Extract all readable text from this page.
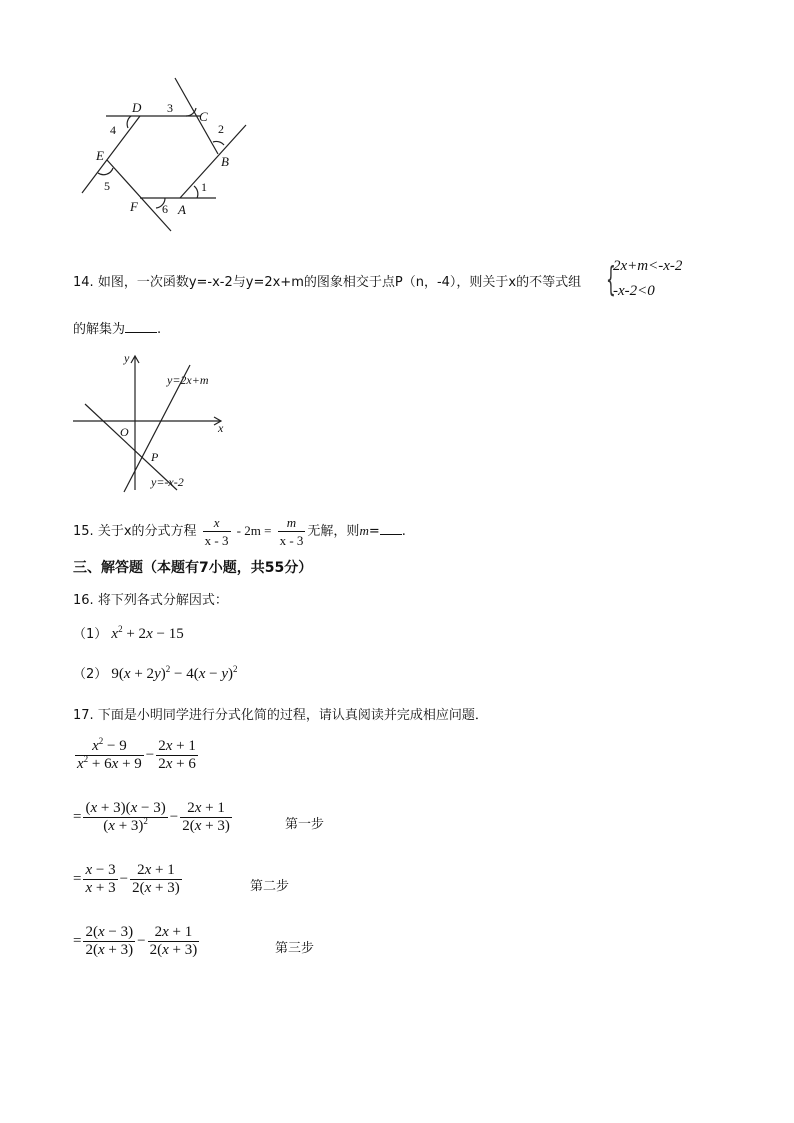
D
C
B
A
F
E
3
2
1
6
5
4
14. 如图，一次函数y=-x-2与y=2x+m的图象相交于点P（n，-4），则关于x的不等式组 {
2x+m<-x-2
-x-2<0
的解集为 .
y
x
O
P
y=2x+m
y=-x-2
15. 关于x的分式方程 $\frac{x}{x - 3} - 2m = \frac{m}{x - 3}$ 无解，则m= .
三、解答题（本题有7小题，共55分）
16. 将下列各式分解因式：
（1） $x^2 + 2x - 15$
（2） $9(x + 2y)^2 - 4(x - y)^2$
17. 下面是小明同学进行分式化简的过程，请认真阅读并完成相应问题．
$\frac{x^2 - 9}{x^2 + 6x + 9} - \frac{2x + 1}{2x + 6}$
= $\frac{(x + 3)(x - 3)}{(x + 3)^2} - \frac{2x + 1}{2(x + 3)}$	第一步
= $\frac{x - 3}{x + 3} - \frac{2x + 1}{2(x + 3)}$	第二步
= $\frac{2(x - 3)}{2(x + 3)} - \frac{2x + 1}{2(x + 3)}$	第三步
